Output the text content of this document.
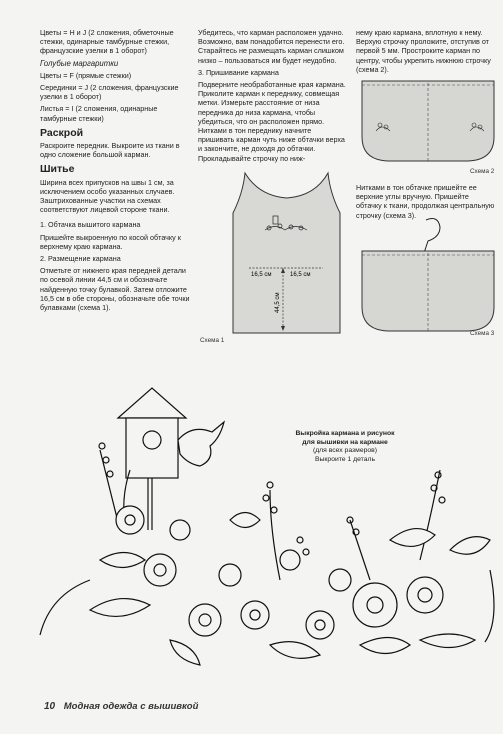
Цветы = Н и J (2 сложения, обметочные стежки, одинарные тамбурные стежки, французские узелки в 1 оборот)

Голубые маргаритки

Цветы = F (прямые стежки)

Серединки = J (2 сложения, французские узелки в 1 оборот)

Листья = I (2 сложения, одинарные тамбурные стежки)

Раскрой

Раскроите передник. Выкроите из ткани в одно сложение большой карман.

Шитье

Ширина всех припусков на швы 1 см, за исключением особо указанных случаев. Заштрихованные участки на схемах соответствуют лицевой стороне ткани.

1. Обтачка вышитого кармана

Пришейте выкроенную по косой обтачку к верхнему краю кармана.

2. Размещение кармана

Отметьте от нижнего края передней детали по осевой линии 44,5 см и обозначьте найденную точку булавкой. Затем отложите 16,5 см в обе стороны, обозначьте обе точки булавками (схема 1).

Убедитесь, что карман расположен удачно. Возможно, вам понадобится перенести его. Старайтесь не размещать карман слишком низко – пользоваться им будет неудобно.

3. Пришивание кармана

Подверните необработанные края кармана. Приколите карман к переднику, совмещая метки. Измерьте расстояние от низа передника до низа кармана, чтобы убедиться, что он расположен прямо. Нитками в тон переднику начните пришивать карман чуть ниже обтачки верха и закончите, не доходя до обтачки. Прокладывайте строчку по ниж-

нему краю кармана, вплотную к нему. Верхую строчку проложите, отступив от первой 5 мм. Простроките карман по центру, чтобы укрепить нижнюю строчку (схема 2).

Нитками в тон обтачке пришейте ее верхние углы вручную. Пришейте обтачку к ткани, продолжая центральную строчку (схема 3).

16,5 см	16,5 см
44,5 см
Схема 1
Схема 2
Схема 3
Выкройка кармана и рисунок
для вышивки на кармане
(для всех размеров)
Выкроите 1 деталь
10 Модная одежда с вышивкой
